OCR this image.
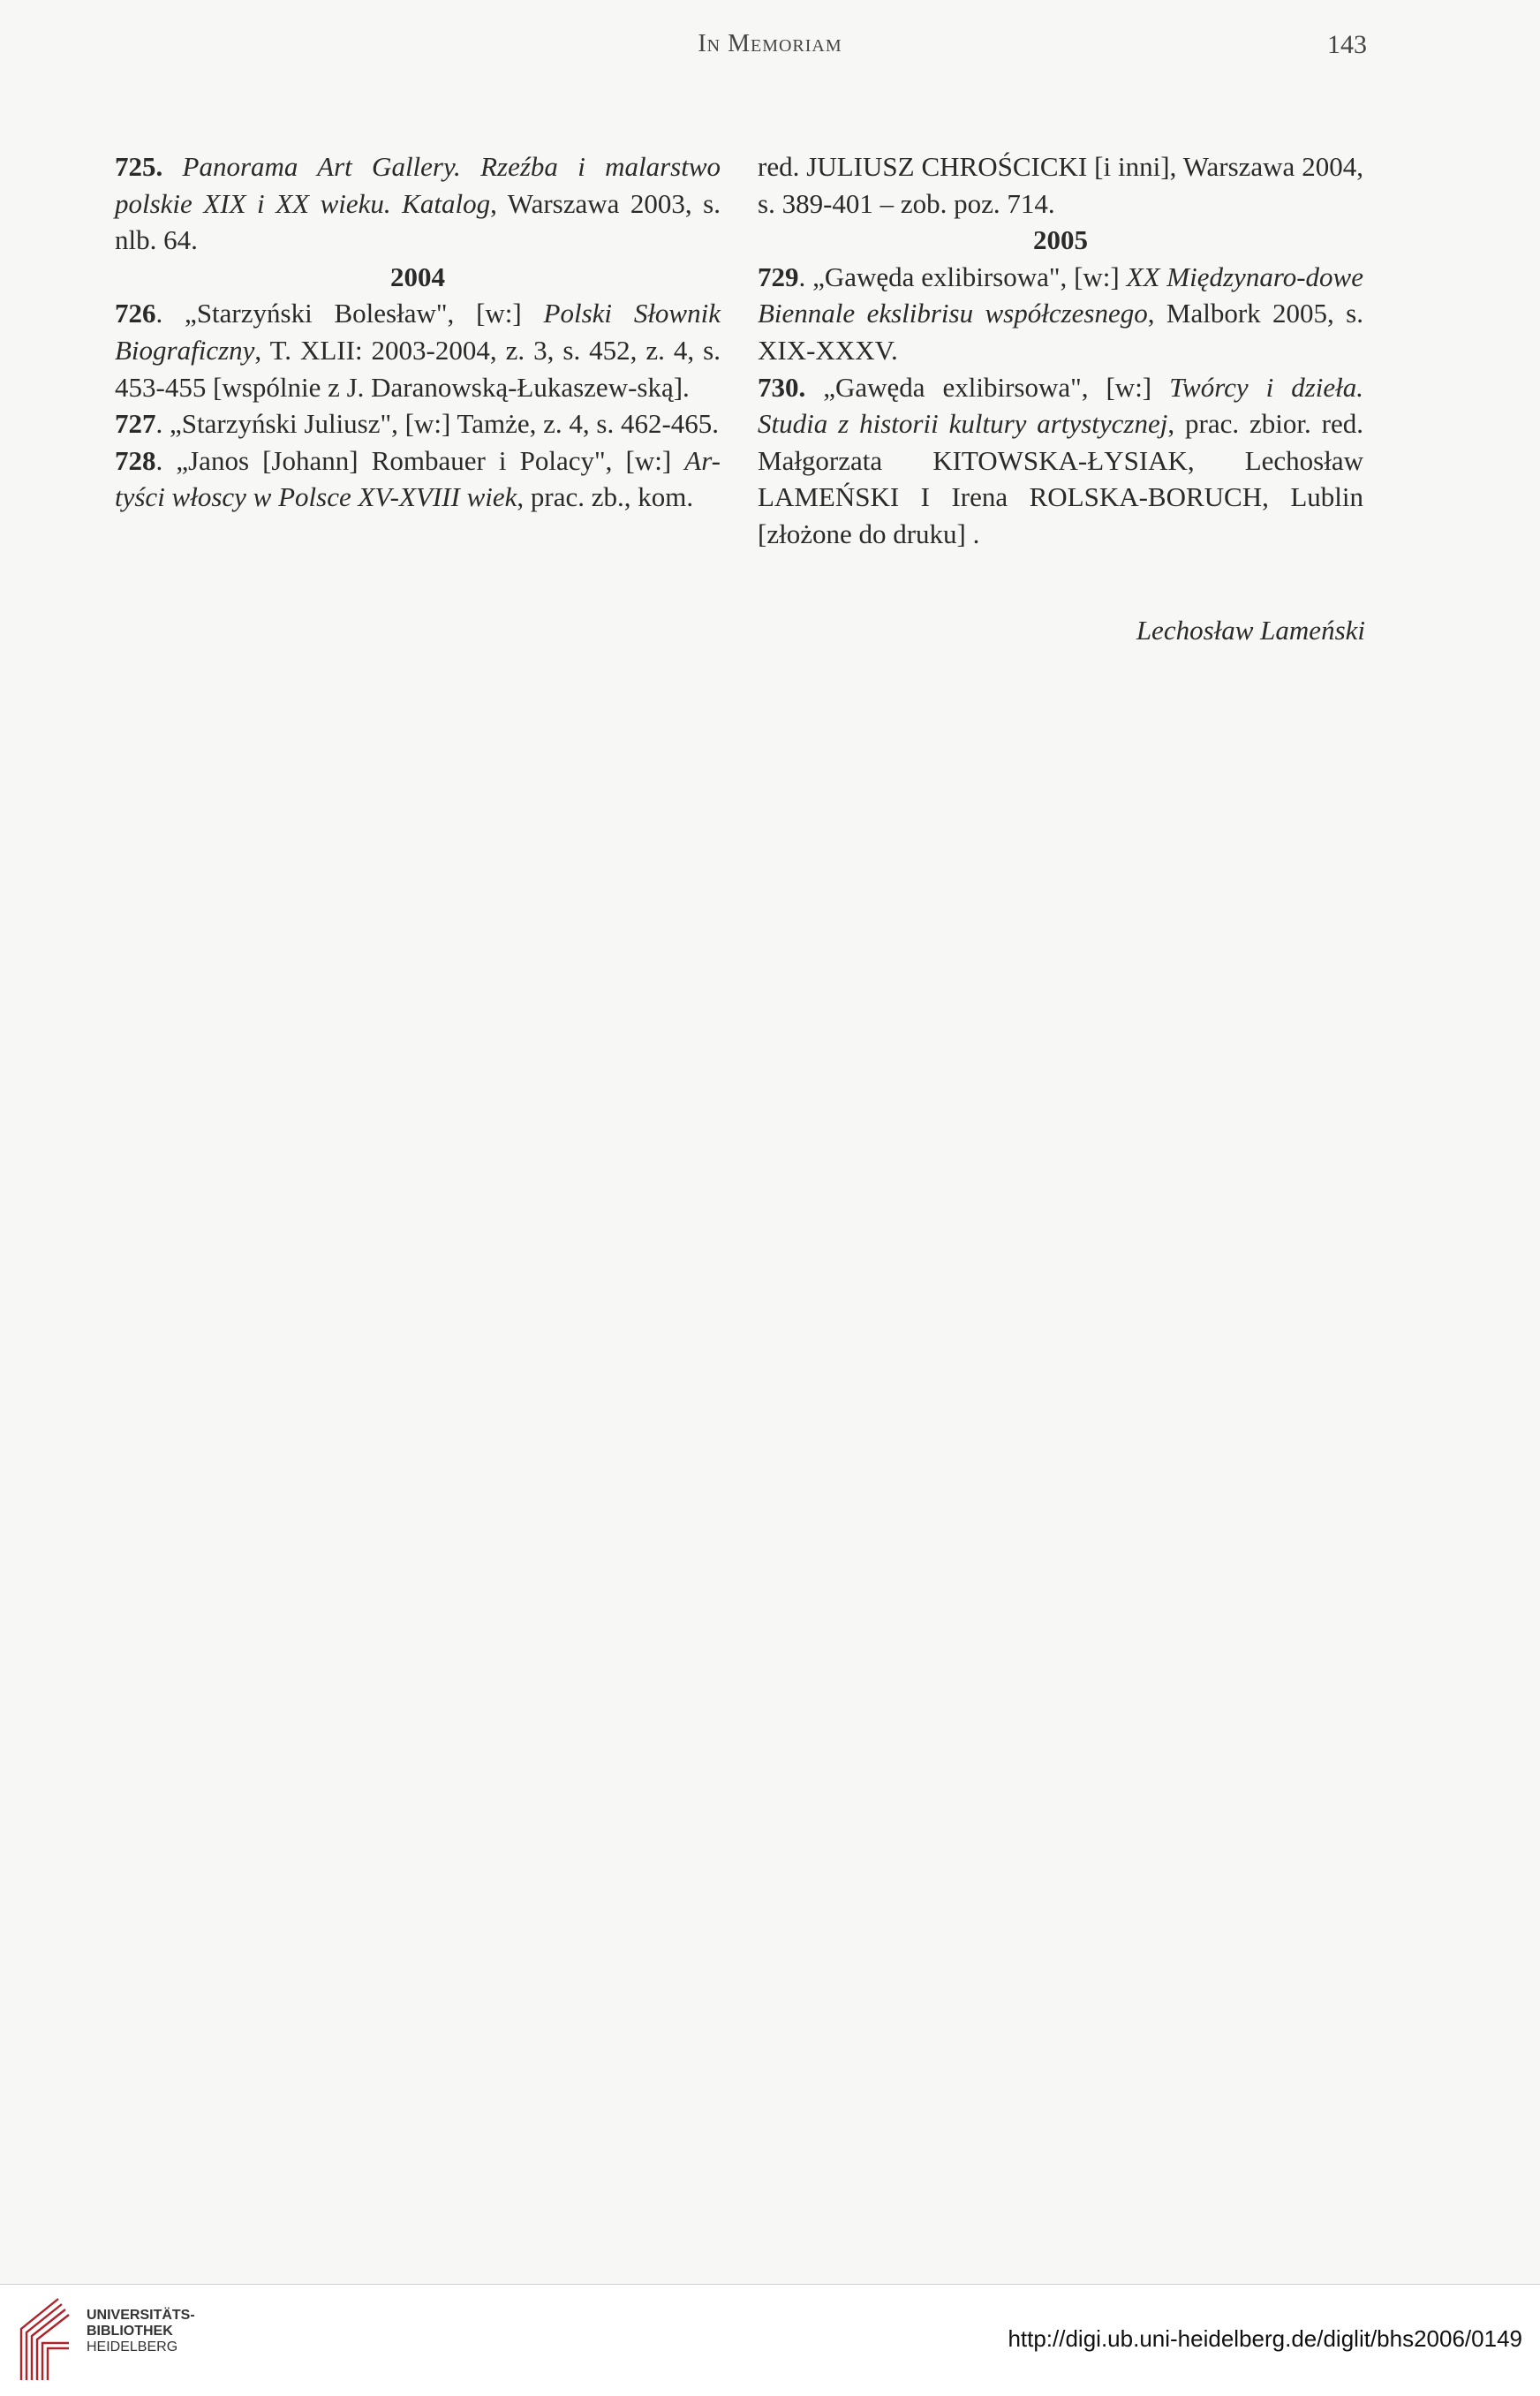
In Memoriam	143

725. Panorama Art Gallery. Rzeźba i malarstwo polskie XIX i XX wieku. Katalog, Warszawa 2003, s. nlb. 64.

2004

726. „Starzyński Bolesław", [w:] Polski Słownik Biograficzny, T. XLII: 2003-2004, z. 3, s. 452, z. 4, s. 453-455 [wspólnie z J. Daranowską-Łukaszew-ską].

727. „Starzyński Juliusz", [w:] Tamże, z. 4, s. 462-465.

728. „Janos [Johann] Rombauer i Polacy", [w:] Ar-tyści włoscy w Polsce XV-XVIII wiek, prac. zb., kom.

red. JULIUSZ CHROŚCICKI [i inni], Warszawa 2004, s. 389-401 – zob. poz. 714.

2005

729. „Gawęda exlibirsowa", [w:] XX Międzynaro-dowe Biennale ekslibrisu współczesnego, Malbork 2005, s. XIX-XXXV.

730. „Gawęda exlibirsowa", [w:] Twórcy i dzieła. Studia z historii kultury artystycznej, prac. zbior. red. Małgorzata KITOWSKA-ŁYSIAK, Lechosław LAMEŃSKI I Irena ROLSKA-BORUCH, Lublin [złożone do druku] .

Lechosław Lameński
UNIVERSITÄTS-
BIBLIOTHEK
HEIDELBERG	http://digi.ub.uni-heidelberg.de/diglit/bhs2006/0149
